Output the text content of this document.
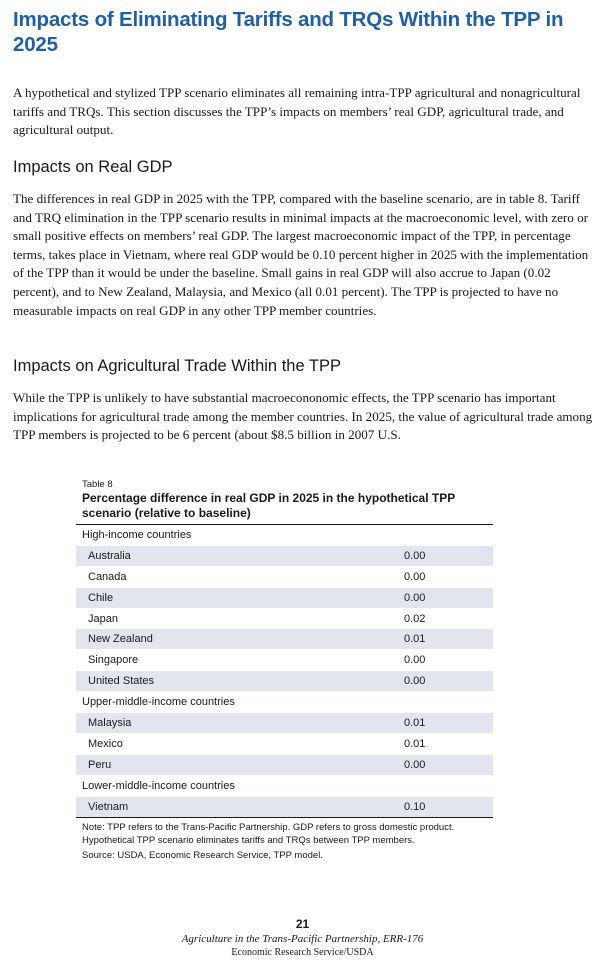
Impacts of Eliminating Tariffs and TRQs Within the TPP in 2025

A hypothetical and stylized TPP scenario eliminates all remaining intra-TPP agricultural and nonagricultural tariffs and TRQs. This section discusses the TPP’s impacts on members’ real GDP, agricultural trade, and agricultural output.

Impacts on Real GDP

The differences in real GDP in 2025 with the TPP, compared with the baseline scenario, are in table 8. Tariff and TRQ elimination in the TPP scenario results in minimal impacts at the macroeconomic level, with zero or small positive effects on members’ real GDP. The largest macroeconomic impact of the TPP, in percentage terms, takes place in Vietnam, where real GDP would be 0.10 percent higher in 2025 with the implementation of the TPP than it would be under the baseline. Small gains in real GDP will also accrue to Japan (0.02 percent), and to New Zealand, Malaysia, and Mexico (all 0.01 percent). The TPP is projected to have no measurable impacts on real GDP in any other TPP member countries.

Impacts on Agricultural Trade Within the TPP

While the TPP is unlikely to have substantial macroecononomic effects, the TPP scenario has important implications for agricultural trade among the member countries. In 2025, the value of agricultural trade among TPP members is projected to be 6 percent (about $8.5 billion in 2007 U.S.

Table 8
Percentage difference in real GDP in 2025 in the hypothetical TPP scenario (relative to baseline)
High-income countries
Australia	0.00
Canada	0.00
Chile	0.00
Japan	0.02
New Zealand	0.01
Singapore	0.00
United States	0.00
Upper-middle-income countries
Malaysia	0.01
Mexico	0.01
Peru	0.00
Lower-middle-income countries
Vietnam	0.10

Note: TPP refers to the Trans-Pacific Partnership. GDP refers to gross domestic product. Hypothetical TPP scenario eliminates tariffs and TRQs between TPP members.

Source: USDA, Economic Research Service, TPP model.

21
Agriculture in the Trans-Pacific Partnership, ERR-176
Economic Research Service/USDA
